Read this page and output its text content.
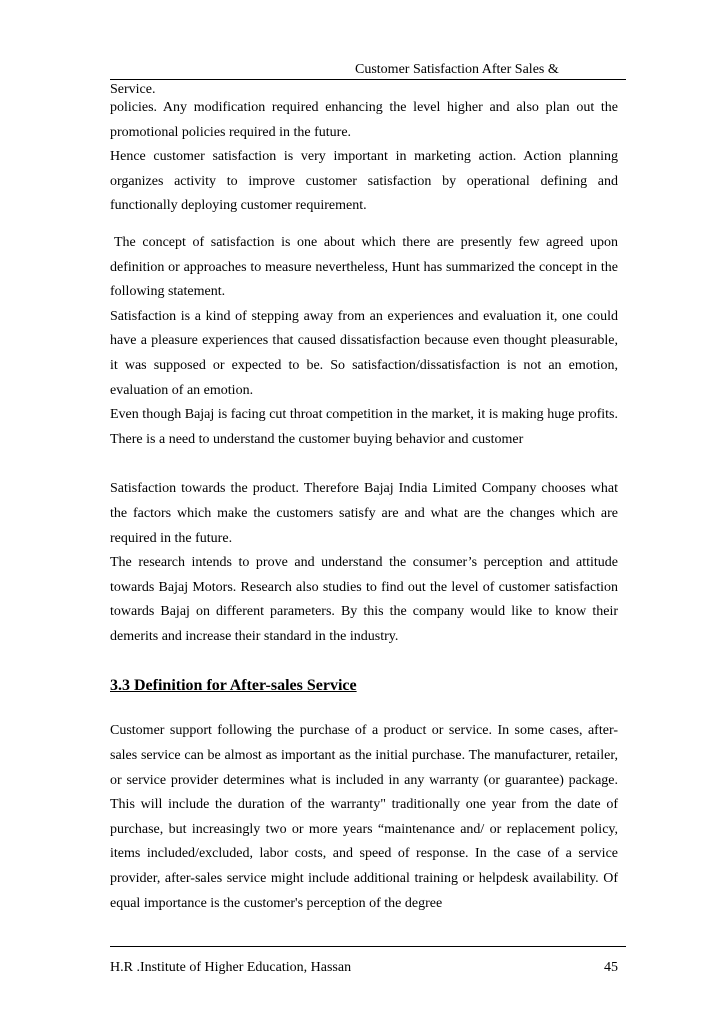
Customer Satisfaction After Sales &
Service.

policies. Any modification required enhancing the level higher and also plan out the promotional policies required in the future.

Hence customer satisfaction is very important in marketing action. Action planning organizes activity to improve customer satisfaction by operational defining and functionally deploying customer requirement.

The concept of satisfaction is one about which there are presently few agreed upon definition or approaches to measure nevertheless, Hunt has summarized the concept in the following statement.

Satisfaction is a kind of stepping away from an experiences and evaluation it, one could have a pleasure experiences that caused dissatisfaction because even thought pleasurable, it was supposed or expected to be. So satisfaction/dissatisfaction is not an emotion, evaluation of an emotion.

Even though Bajaj is facing cut throat competition in the market, it is making huge profits. There is a need to understand the customer buying behavior and customer

Satisfaction towards the product. Therefore Bajaj India Limited Company chooses what the factors which make the customers satisfy are and what are the changes which are required in the future.

The research intends to prove and understand the consumer’s perception and attitude towards Bajaj Motors. Research also studies to find out the level of customer satisfaction towards Bajaj on different parameters. By this the company would like to know their demerits and increase their standard in the industry.

3.3 Definition for After-sales Service

Customer support following the purchase of a product or service. In some cases, after-sales service can be almost as important as the initial purchase. The manufacturer, retailer, or service provider determines what is included in any warranty (or guarantee) package. This will include the duration of the warranty" traditionally one year from the date of purchase, but increasingly two or more years “maintenance and/ or replacement policy, items included/excluded, labor costs, and speed of response. In the case of a service provider, after-sales service might include additional training or helpdesk availability. Of equal importance is the customer's perception of the degree

H.R .Institute of Higher Education, Hassan	45
